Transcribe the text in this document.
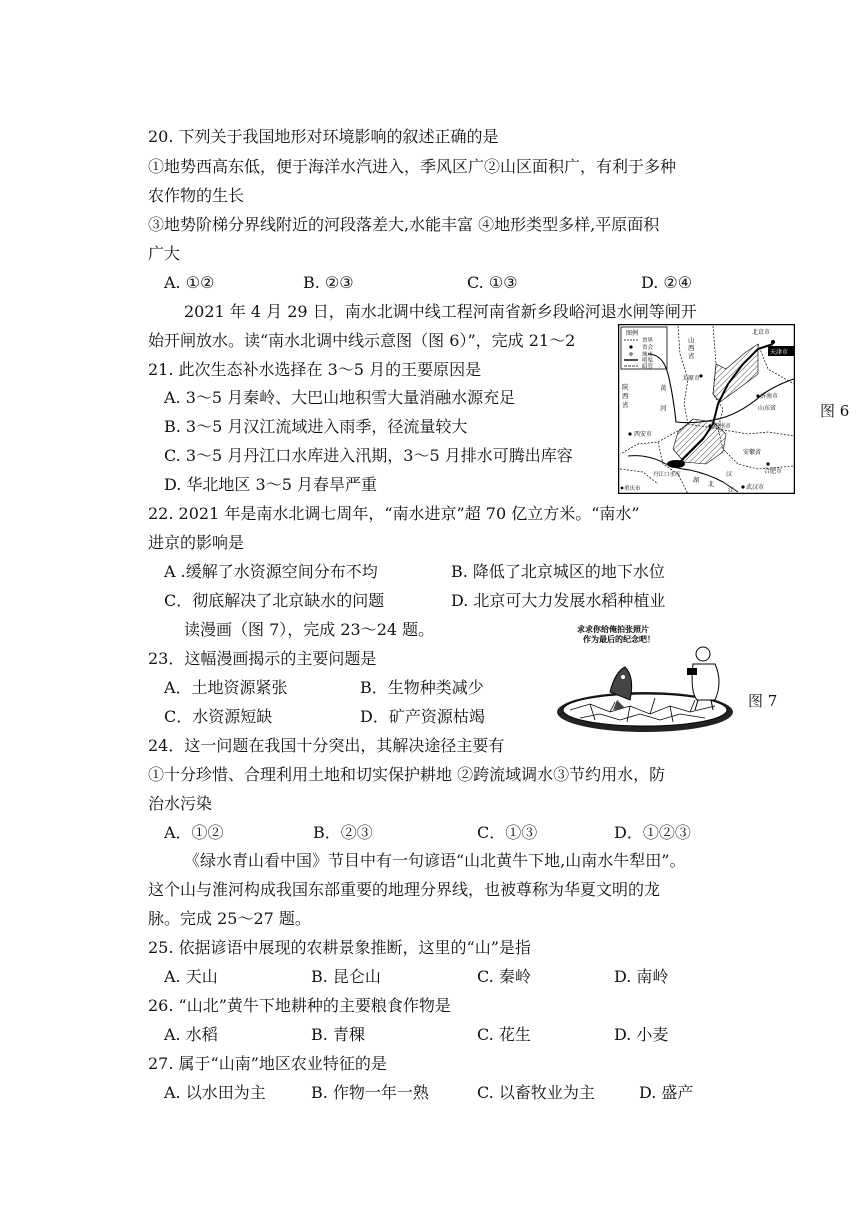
20. 下列关于我国地形对环境影响的叙述正确的是
①地势西高东低，便于海洋水汽进入，季风区广②山区面积广，有利于多种
农作物的生长
③地势阶梯分界线附近的河段落差大,水能丰富 ④地形类型多样,平原面积
广大
A. ①②	B. ②③	C. ①③	D. ②④
2021 年 4 月 29 日，南水北调中线工程河南省新乡段峪河退水闸等闸开
始开闸放水。读“南水北调中线示意图（图 6）”，完成 21～2
21. 此次生态补水选择在 3～5 月的王要原因是
A. 3～5 月秦岭、大巴山地积雪大量消融水源充足
B. 3～5 月汉江流域进入雨季，径流量较大
C. 3～5 月丹江口水库进入汛期，3～5 月排水可腾出库容
D. 华北地区 3～5 月春旱严重
图例
省界
省会
城市
明渠
暗管
北京市
天津市
山
西
省
太原市
陕
西
省
黄
河
济南市
山东省
西安市
郑州市
安徽省
合肥市
丹江口水库
湖
北
汉
江 武汉市
重庆市
图 6
22. 2021 年是南水北调七周年，“南水进京”超 70 亿立方米。“南水”
进京的影响是
A .缓解了水资源空间分布不均	B. 降低了北京城区的地下水位
C．彻底解决了北京缺水的问题	D. 北京可大力发展水稻种植业
读漫画（图 7），完成 23～24 题。	求求你给俺拍张照片
作为最后的纪念吧！
图 7
23．这幅漫画揭示的主要问题是
A．土地资源紧张	B．生物种类减少
C．水资源短缺	D．矿产资源枯竭
24．这一问题在我国十分突出，其解决途径主要有
①十分珍惜、合理利用土地和切实保护耕地 ②跨流域调水③节约用水，防
治水污染
A．①②	B．②③	C．①③	D．①②③
《绿水青山看中国》节目中有一句谚语“山北黄牛下地,山南水牛犁田”。
这个山与淮河构成我国东部重要的地理分界线，也被尊称为华夏文明的龙
脉。完成 25～27 题。
25. 依据谚语中展现的农耕景象推断，这里的“山”是指
A. 天山	B. 昆仑山	C. 秦岭	D. 南岭
26. “山北”黄牛下地耕种的主要粮食作物是
A. 水稻	B. 青稞	C. 花生	D. 小麦
27. 属于“山南”地区农业特征的是
A. 以水田为主	B. 作物一年一熟	C. 以畜牧业为主	D. 盛产
